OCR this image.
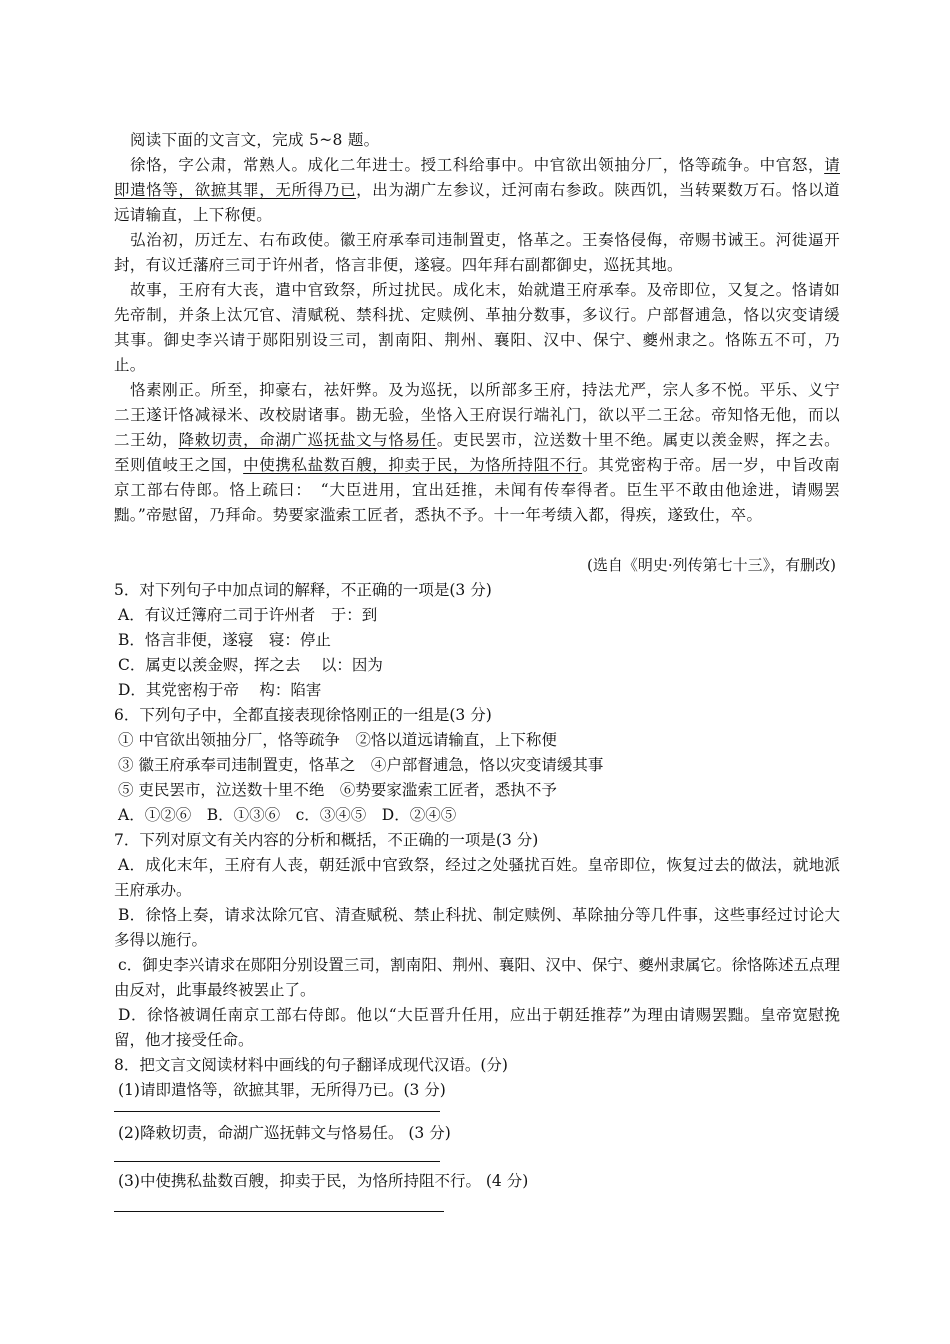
阅读下面的文言文，完成 5~8 题。
徐恪，字公肃，常熟人。成化二年进士。授工科给事中。中官欲出领抽分厂，恪等疏争。中官怒，请即遣恪等，欲摭其罪，无所得乃已，出为湖广左参议，迁河南右参政。陕西饥，当转粟数万石。恪以道远请输直，上下称便。
弘治初，历迁左、右布政使。徽王府承奉司违制置吏，恪革之。王奏恪侵侮，帝赐书诫王。河徙逼开封，有议迁藩府三司于许州者，恪言非便，遂寝。四年拜右副都御史，巡抚其地。
故事，王府有大丧，遣中官致祭，所过扰民。成化末，始就遣王府承奉。及帝即位，又复之。恪请如先帝制，并条上汰冗官、清赋税、禁科扰、定赎例、革抽分数事，多议行。户部督逋急，恪以灾变请缓其事。御史李兴请于郧阳别设三司，割南阳、荆州、襄阳、汉中、保宁、夔州隶之。恪陈五不可，乃止。
恪素刚正。所至，抑豪右，祛奸弊。及为巡抚，以所部多王府，持法尤严，宗人多不悦。平乐、义宁二王遂讦恪减禄米、改校尉诸事。勘无验，坐恪入王府误行端礼门，欲以平二王忿。帝知恪无他，而以二王幼，降敕切责，命湖广巡抚盐文与恪易任。吏民罢市，泣送数十里不绝。属吏以羡金赆，挥之去。至则值岐王之国，中使携私盐数百艘，抑卖于民，为恪所持阻不行。其党密构于帝。居一岁，中旨改南京工部右侍郎。恪上疏曰：　“大臣进用，宜出廷推，未闻有传奉得者。臣生平不敢由他途进，请赐罢黜。”帝慰留，乃拜命。势要家滥索工匠者，悉执不予。十一年考绩入都，得疾，遂致仕，卒。
(选自《明史·列传第七十三》，有删改)
5．对下列句子中加点词的解释，不正确的一项是(3 分)
A．有议迁簿府二司于许州者　于：到
B．恪言非便，遂寝　寝：停止
C．属吏以羡金赆，挥之去　 以：因为
D．其党密构于帝　 构：陷害
6．下列句子中，全都直接表现徐恪刚正的一组是(3 分)
① 中官欲出领抽分厂，恪等疏争　②恪以道远请输直，上下称便
③ 徽王府承奉司违制置吏，恪革之　④户部督逋急，恪以灾变请缓其事
⑤ 吏民罢市，泣送数十里不绝　⑥势要家滥索工匠者，悉执不予
A．①②⑥　B．①③⑥　c．③④⑤　D．②④⑤
7．下列对原文有关内容的分析和概括，不正确的一项是(3 分)
A．成化末年，王府有人丧，朝廷派中官致祭，经过之处骚扰百姓。皇帝即位，恢复过去的做法，就地派王府承办。
B．徐恪上奏，请求汰除冗官、清查赋税、禁止科扰、制定赎例、革除抽分等几件事，这些事经过讨论大多得以施行。
c．御史李兴请求在郧阳分别设置三司，割南阳、荆州、襄阳、汉中、保宁、夔州隶属它。徐恪陈述五点理由反对，此事最终被罢止了。
D．徐恪被调任南京工部右侍郎。他以“大臣晋升任用，应出于朝廷推荐”为理由请赐罢黜。皇帝宽慰挽留，他才接受任命。
8．把文言文阅读材料中画线的句子翻译成现代汉语。(分)
(1)请即遣恪等，欲摭其罪，无所得乃已。(3 分)
(2)降敕切责，命湖广巡抚韩文与恪易任。 (3 分)
(3)中使携私盐数百艘，抑卖于民，为恪所持阻不行。 (4 分)
